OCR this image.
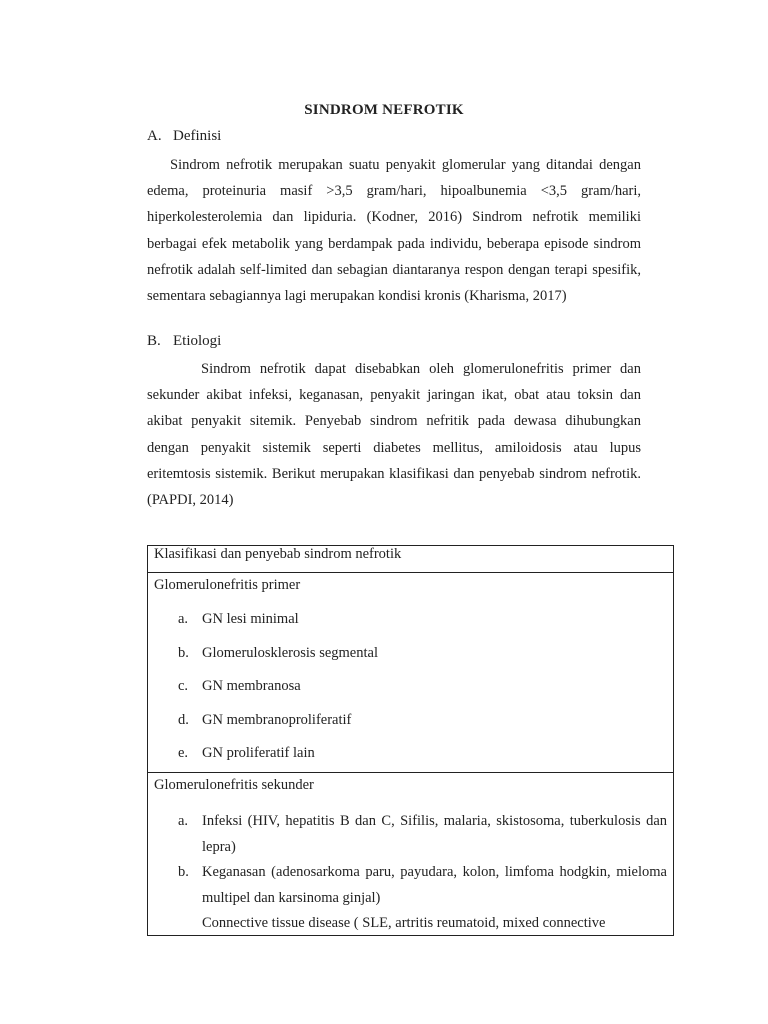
SINDROM NEFROTIK
A. Definisi
Sindrom nefrotik merupakan suatu penyakit glomerular yang ditandai dengan edema, proteinuria masif >3,5 gram/hari, hipoalbunemia <3,5 gram/hari, hiperkolesterolemia dan lipiduria. (Kodner, 2016) Sindrom nefrotik memiliki berbagai efek metabolik yang berdampak pada individu, beberapa episode sindrom nefrotik adalah self-limited dan sebagian diantaranya respon dengan terapi spesifik, sementara sebagiannya lagi merupakan kondisi kronis (Kharisma, 2017)
B. Etiologi
Sindrom nefrotik dapat disebabkan oleh glomerulonefritis primer dan sekunder akibat infeksi, keganasan, penyakit jaringan ikat, obat atau toksin dan akibat penyakit sitemik. Penyebab sindrom nefritik pada dewasa dihubungkan dengan penyakit sistemik seperti diabetes mellitus, amiloidosis atau lupus eritemtosis sistemik. Berikut merupakan klasifikasi dan penyebab sindrom nefrotik.(PAPDI, 2014)
Klasifikasi dan penyebab sindrom nefrotik

Glomerulonefritis primer
a. GN lesi minimal
b. Glomerulosklerosis segmental
c. GN membranosa
d. GN membranoproliferatif
e. GN proliferatif lain

Glomerulonefritis sekunder
a. Infeksi (HIV, hepatitis B dan C, Sifilis, malaria, skistosoma, tuberkulosis dan lepra)
b. Keganasan (adenosarkoma paru, payudara, kolon, limfoma hodgkin, mieloma multipel dan karsinoma ginjal)
Connective tissue disease ( SLE, artritis reumatoid, mixed connective
